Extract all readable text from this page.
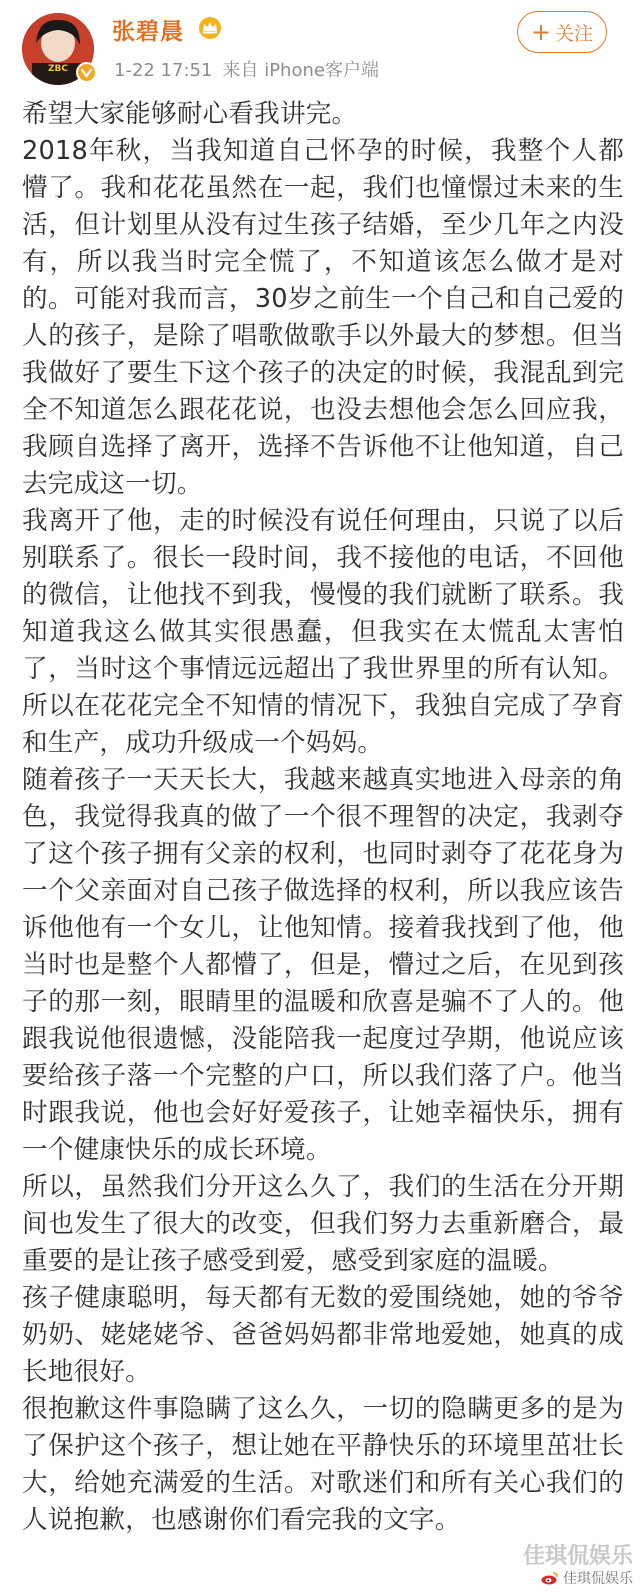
ZBC
张碧晨
1-22 17:51 来自 iPhone客户端
+ 关注

希望大家能够耐心看我讲完。

2018年秋，当我知道自己怀孕的时候，我整个人都懵了。我和花花虽然在一起，我们也憧憬过未来的生活，但计划里从没有过生孩子结婚，至少几年之内没有，所以我当时完全慌了，不知道该怎么做才是对的。可能对我而言，30岁之前生一个自己和自己爱的人的孩子，是除了唱歌做歌手以外最大的梦想。但当我做好了要生下这个孩子的决定的时候，我混乱到完全不知道怎么跟花花说，也没去想他会怎么回应我，我顾自选择了离开，选择不告诉他不让他知道，自己去完成这一切。

我离开了他，走的时候没有说任何理由，只说了以后别联系了。很长一段时间，我不接他的电话，不回他的微信，让他找不到我，慢慢的我们就断了联系。我知道我这么做其实很愚蠢，但我实在太慌乱太害怕了，当时这个事情远远超出了我世界里的所有认知。所以在花花完全不知情的情况下，我独自完成了孕育和生产，成功升级成一个妈妈。

随着孩子一天天长大，我越来越真实地进入母亲的角色，我觉得我真的做了一个很不理智的决定，我剥夺了这个孩子拥有父亲的权利，也同时剥夺了花花身为一个父亲面对自己孩子做选择的权利，所以我应该告诉他他有一个女儿，让他知情。接着我找到了他，他当时也是整个人都懵了，但是，懵过之后，在见到孩子的那一刻，眼睛里的温暖和欣喜是骗不了人的。他跟我说他很遗憾，没能陪我一起度过孕期，他说应该要给孩子落一个完整的户口，所以我们落了户。他当时跟我说，他也会好好爱孩子，让她幸福快乐，拥有一个健康快乐的成长环境。

所以，虽然我们分开这么久了，我们的生活在分开期间也发生了很大的改变，但我们努力去重新磨合，最重要的是让孩子感受到爱，感受到家庭的温暖。

孩子健康聪明，每天都有无数的爱围绕她，她的爷爷奶奶、姥姥姥爷、爸爸妈妈都非常地爱她，她真的成长地很好。

很抱歉这件事隐瞒了这么久，一切的隐瞒更多的是为了保护这个孩子，想让她在平静快乐的环境里茁壮长大，给她充满爱的生活。对歌迷们和所有关心我们的人说抱歉，也感谢你们看完我的文字。

佳琪侃娱乐
佳琪侃娱乐
